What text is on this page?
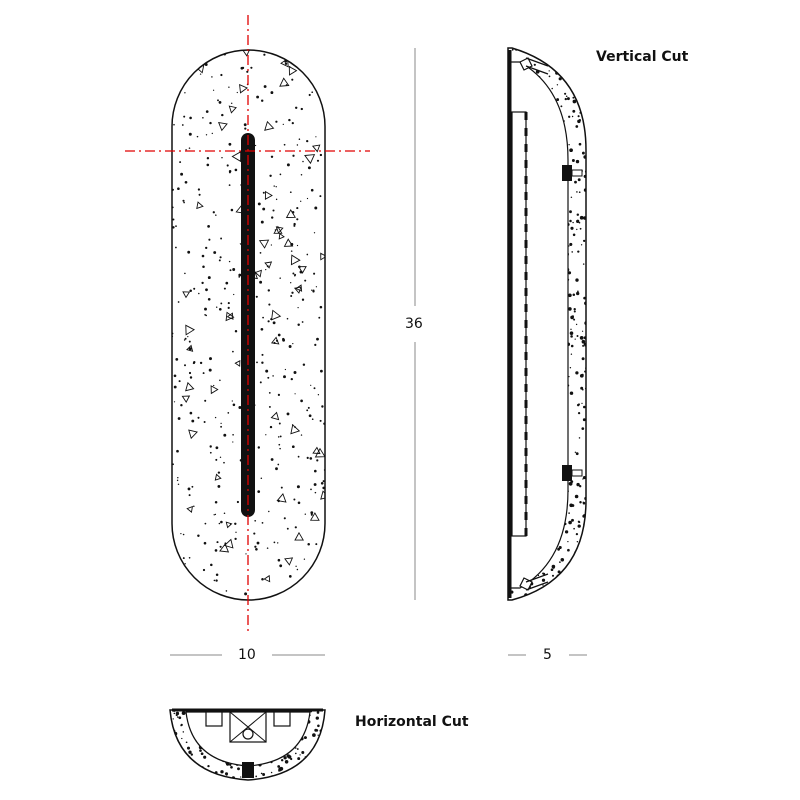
Vertical Cut
Horizontal Cut
36
10	5
